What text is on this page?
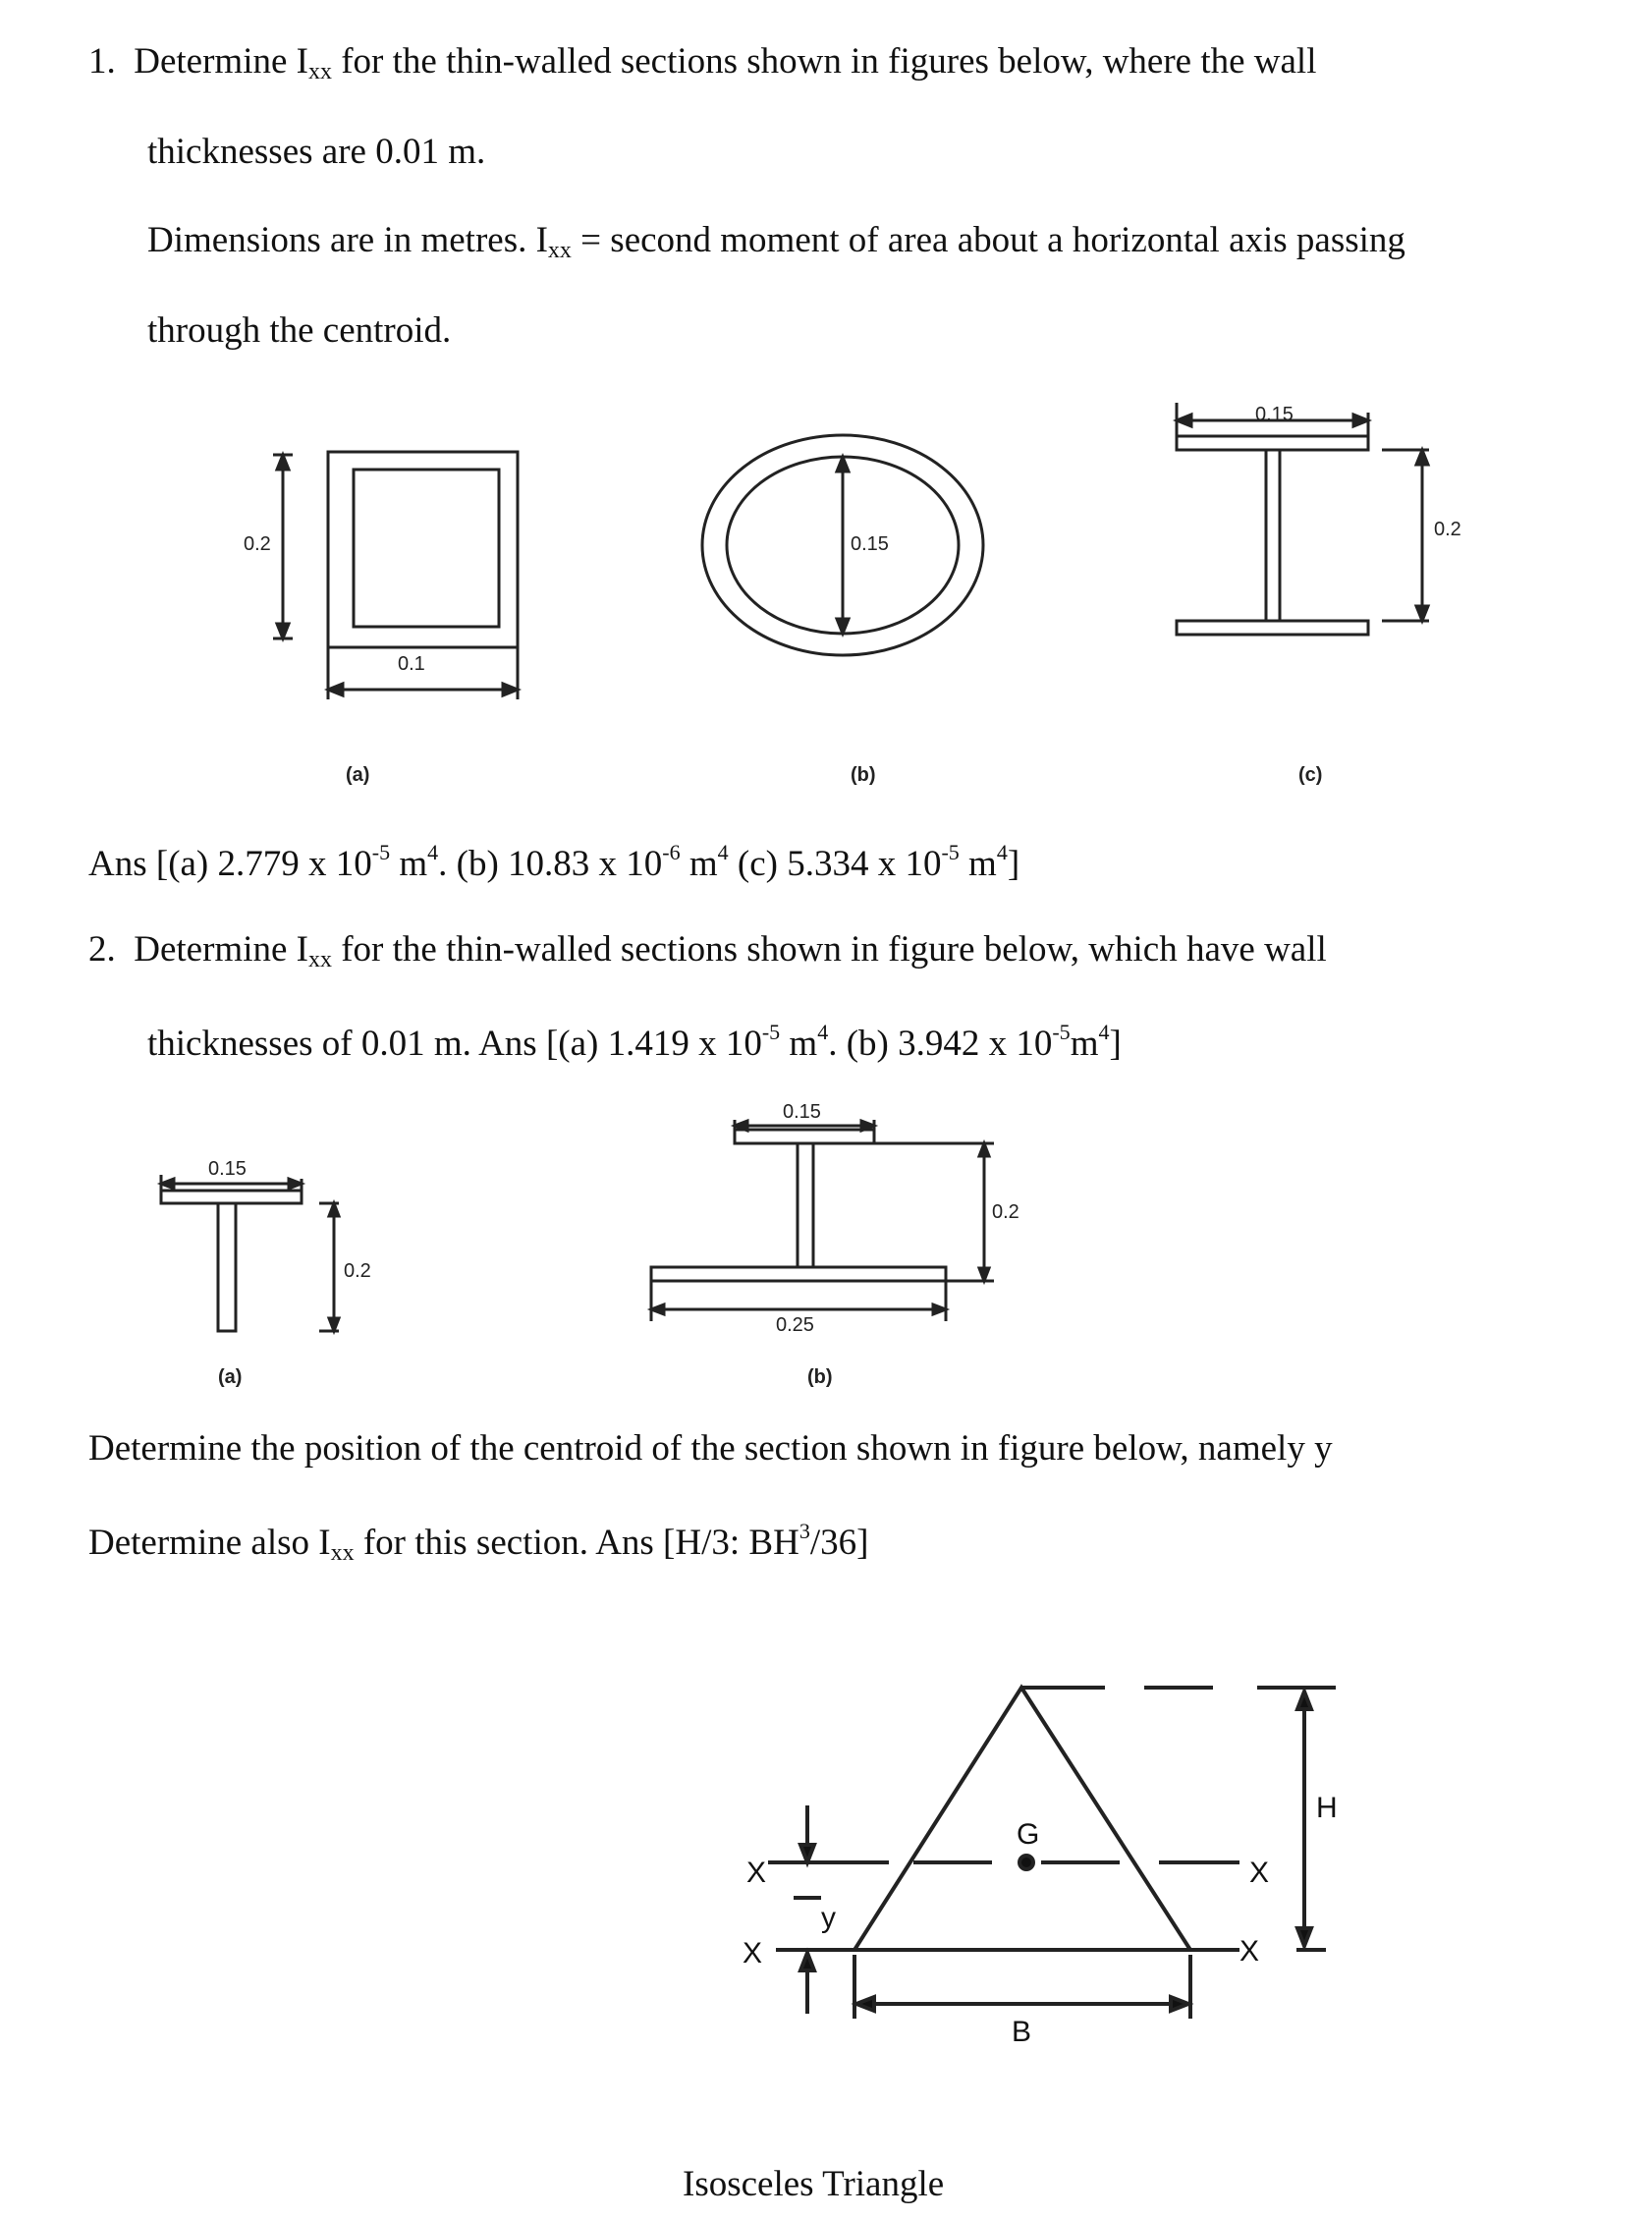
1. Determine $I_{xx}$ for the thin-walled sections shown in figures below, where the wall
thicknesses are 0.01 m.
Dimensions are in metres. $I_{xx}$ = second moment of area about a horizontal axis passing
through the centroid.
Ans [(a) 2.779 x $10^{-5}$ $m^4$. (b) 10.83 x $10^{-6}$ $m^4$ (c) 5.334 x $10^{-5}$ $m^4$]
2. Determine $I_{xx}$ for the thin-walled sections shown in figure below, which have wall
thicknesses of 0.01 m. Ans [(a) 1.419 x $10^{-5}$ $m^4$. (b) 3.942 x $10^{-5}m^4$]
Determine the position of the centroid of the section shown in figure below, namely y
Determine also $I_{xx}$ for this section. Ans [H/3: $BH^3/36$]
Isosceles Triangle
0.2
0.1
(a)
0.15
(b)
0.15
0.2
(c)
0.15
0.2
(a)
0.15
0.2
0.25
(b)
X
X
y
G
X
X
H
B
